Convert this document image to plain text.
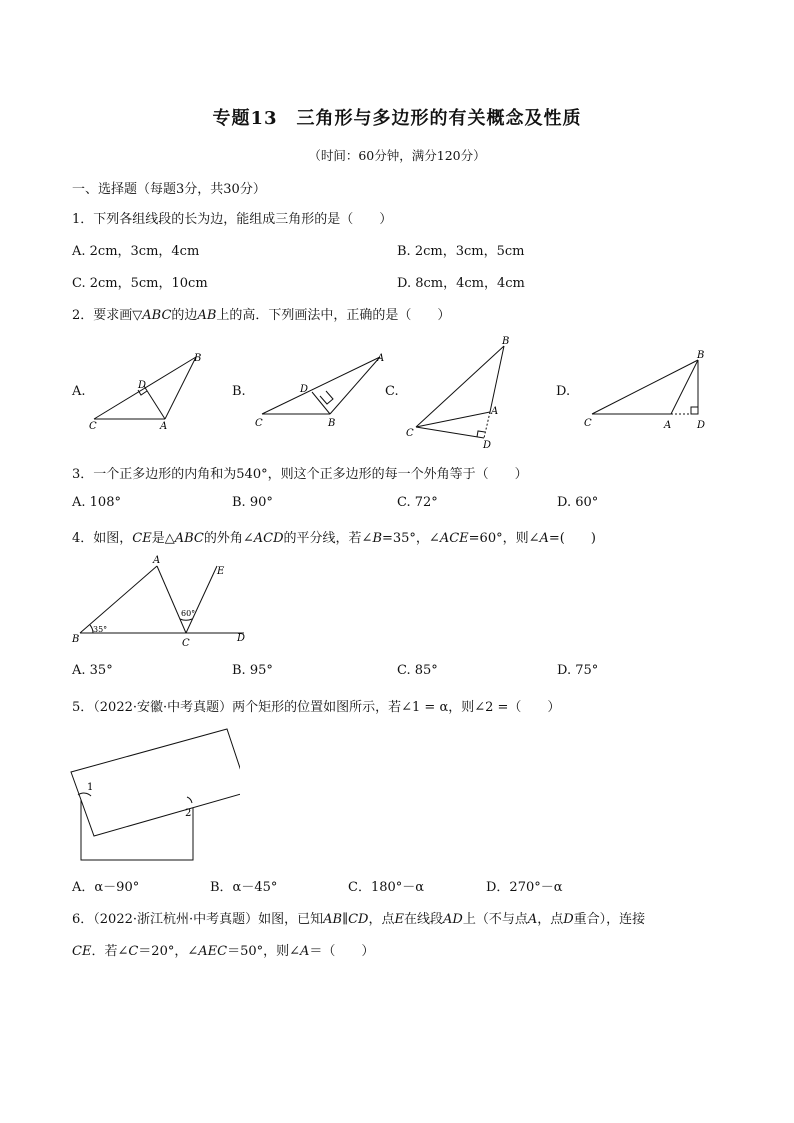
专题13　三角形与多边形的有关概念及性质
（时间：60分钟，满分120分）
一、选择题（每题3分，共30分）
1．下列各组线段的长为边，能组成三角形的是（　　）
A. 2cm，3cm，4cm	B. 2cm，3cm，5cm
C. 2cm，5cm，10cm	D. 8cm，4cm，4cm
2．要求画▽ABC的边AB上的高．下列画法中，正确的是（　　）
A.	B.	C.	D.
B
D
C	A
A
D
C	B
B
A
C
D
B
C	A	D
3．一个正多边形的内角和为540°，则这个正多边形的每一个外角等于（　　）
A. 108°	B. 90°	C. 72°	D. 60°
4．如图，CE是△ABC的外角∠ACD的平分线，若∠B=35°，∠ACE=60°，则∠A=(　　)
A
E
60°
35°
B	C	D
A. 35°	B. 95°	C. 85°	D. 75°
5．（2022·安徽·中考真题）两个矩形的位置如图所示，若∠1 = α，则∠2 =（　　）
1
2
A．α－90°	B．α－45°	C．180°－α	D．270°－α
6．（2022·浙江杭州·中考真题）如图，已知AB∥CD，点E在线段AD上（不与点A，点D重合），连接
CE．若∠C＝20°，∠AEC＝50°，则∠A＝（　　）
